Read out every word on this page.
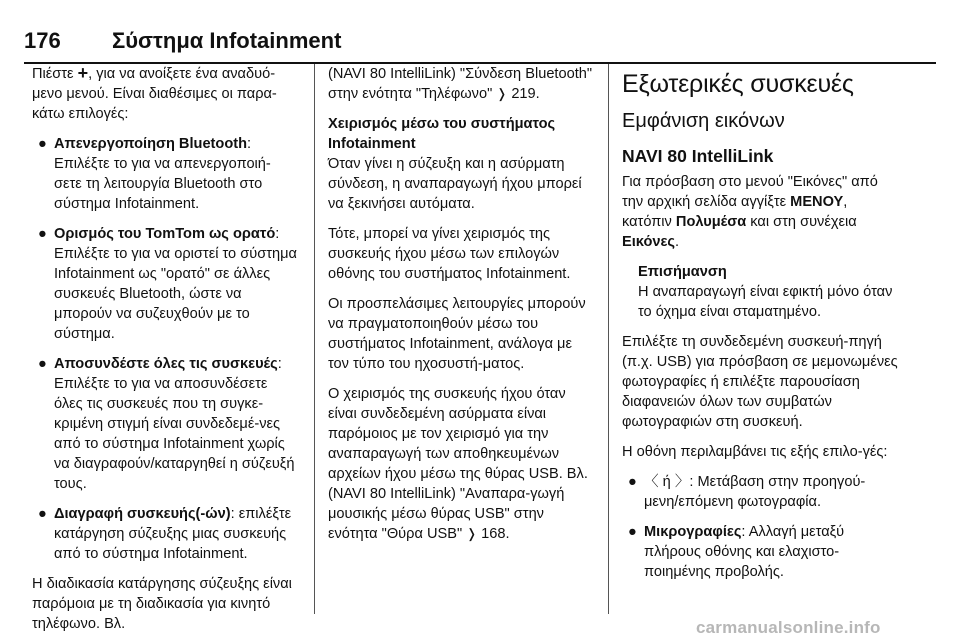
176 Σύστημα Infotainment

Πιέστε +, για να ανοίξετε ένα αναδυό-μενο μενού. Είναι διαθέσιμες οι παρα-κάτω επιλογές:

● Απενεργοποίηση Bluetooth: Επιλέξτε το για να απενεργοποιή-σετε τη λειτουργία Bluetooth στο σύστημα Infotainment.
● Ορισμός του TomTom ως ορατό: Επιλέξτε το για να οριστεί το σύστημα Infotainment ως "ορατό" σε άλλες συσκευές Bluetooth, ώστε να μπορούν να συζευχθούν με το σύστημα.
● Αποσυνδέστε όλες τις συσκευές: Επιλέξτε το για να αποσυνδέσετε όλες τις συσκευές που τη συγκε-κριμένη στιγμή είναι συνδεδεμέ-νες από το σύστημα Infotainment χωρίς να διαγραφούν/καταργηθεί η σύζευξή τους.
● Διαγραφή συσκευής(-ών): επιλέξτε κατάργηση σύζευξης μιας συσκευής από το σύστημα Infotainment.

Η διαδικασία κατάργησης σύζευξης είναι παρόμοια με τη διαδικασία για κινητό τηλέφωνο. Βλ.

(NAVI 80 IntelliLink) "Σύνδεση Bluetooth" στην ενότητα "Τηλέφωνο" ❭ 219.

Χειρισμός μέσω του συστήματος Infotainment

Όταν γίνει η σύζευξη και η ασύρματη σύνδεση, η αναπαραγωγή ήχου μπορεί να ξεκινήσει αυτόματα.

Τότε, μπορεί να γίνει χειρισμός της συσκευής ήχου μέσω των επιλογών οθόνης του συστήματος Infotainment.

Οι προσπελάσιμες λειτουργίες μπορούν να πραγματοποιηθούν μέσω του συστήματος Infotainment, ανάλογα με τον τύπο του ηχοσυστή-ματος.

Ο χειρισμός της συσκευής ήχου όταν είναι συνδεδεμένη ασύρματα είναι παρόμοιος με τον χειρισμό για την αναπαραγωγή των αποθηκευμένων αρχείων ήχου μέσω της θύρας USB. Βλ. (NAVI 80 IntelliLink) "Αναπαρα-γωγή μουσικής μέσω θύρας USB" στην ενότητα "Θύρα USB" ❭ 168.

Εξωτερικές συσκευές
Εμφάνιση εικόνων
NAVI 80 IntelliLink

Για πρόσβαση στο μενού "Εικόνες" από την αρχική σελίδα αγγίξτε ΜΕΝΟΥ, κατόπιν Πολυμέσα και στη συνέχεια Εικόνες.

Επισήμανση
Η αναπαραγωγή είναι εφικτή μόνο όταν το όχημα είναι σταματημένο.

Επιλέξτε τη συνδεδεμένη συσκευή-πηγή (π.χ. USB) για πρόσβαση σε μεμονωμένες φωτογραφίες ή επιλέξτε παρουσίαση διαφανειών όλων των συμβατών φωτογραφιών στη συσκευή.

Η οθόνη περιλαμβάνει τις εξής επιλο-γές:

● 〈 ή 〉: Μετάβαση στην προηγού-μενη/επόμενη φωτογραφία.
● Μικρογραφίες: Αλλαγή μεταξύ πλήρους οθόνης και ελαχιστο-ποιημένης προβολής.
carmanualsonline.info
